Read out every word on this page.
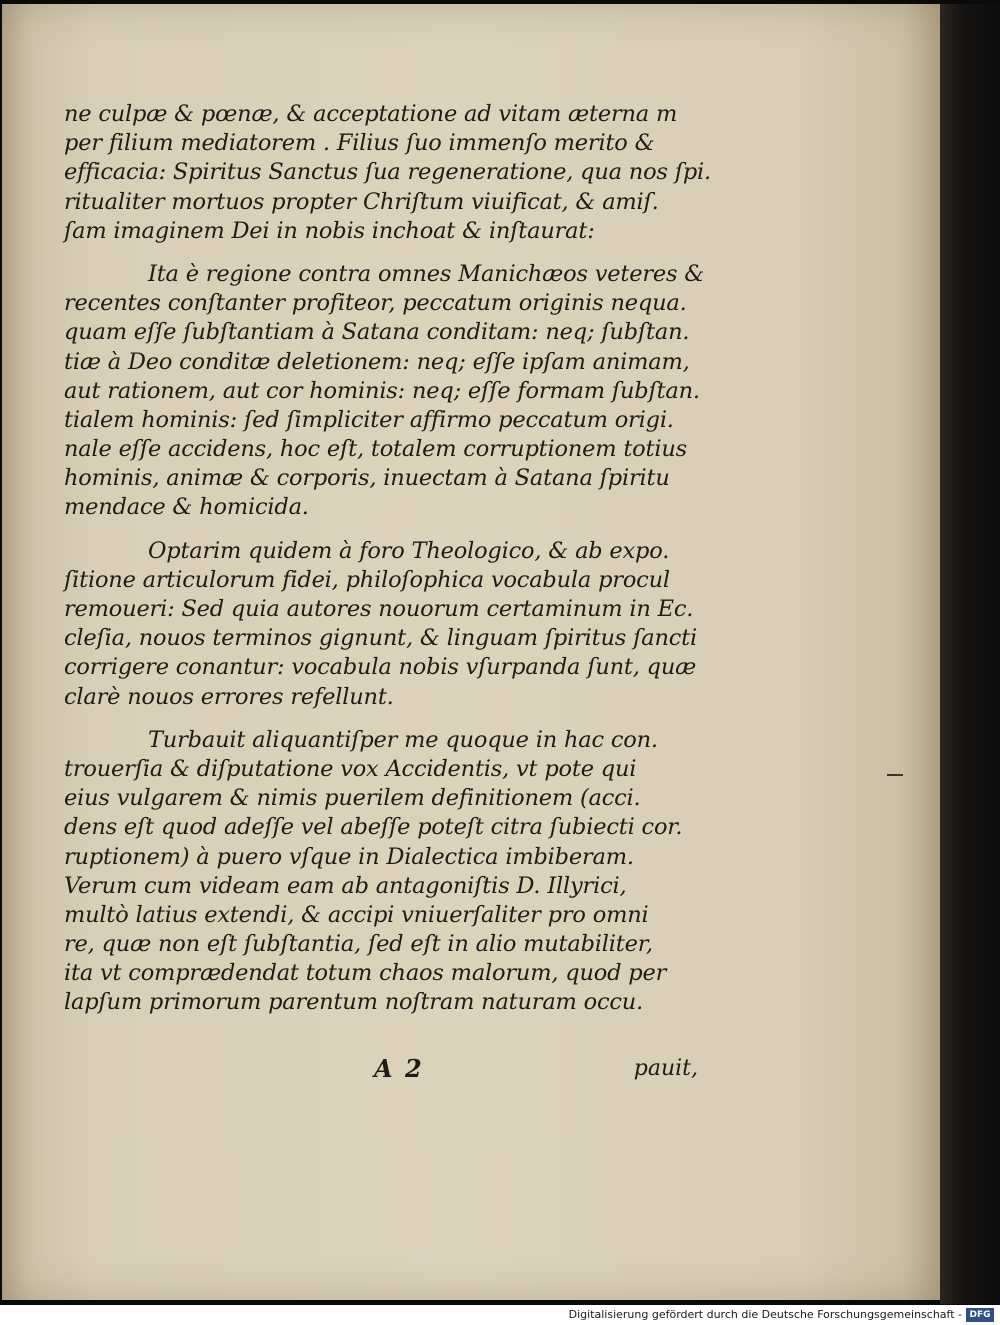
ne culpæ & pœnæ, & acceptatione ad vitam æterna m
per filium mediatorem . Filius ſuo immenſo merito &
efficacia: Spiritus Sanctus ſua regeneratione, qua nos ſpi.
ritualiter mortuos propter Chriſtum viuificat, & amiſ.
ſam imaginem Dei in nobis inchoat & inſtaurat:
Ita è regione contra omnes Manichæos veteres &
recentes conſtanter profiteor, peccatum originis nequa.
quam eſſe ſubſtantiam à Satana conditam: neq; ſubſtan.
tiæ à Deo conditæ deletionem: neq; eſſe ipſam animam,
aut rationem, aut cor hominis: neq; eſſe formam ſubſtan.
tialem hominis: ſed ſimpliciter affirmo peccatum origi.
nale eſſe accidens, hoc eſt, totalem corruptionem totius
hominis, animæ & corporis, inuectam à Satana ſpiritu
mendace & homicida.
Optarim quidem à foro Theologico, & ab expo.
ſitione articulorum fidei, philoſophica vocabula procul
remoueri: Sed quia autores nouorum certaminum in Ec.
cleſia, nouos terminos gignunt, & linguam ſpiritus ſancti
corrigere conantur: vocabula nobis vſurpanda ſunt, quæ
clarè nouos errores refellunt.
Turbauit aliquantiſper me quoque in hac con.
trouerſia & diſputatione vox Accidentis, vt pote qui
eius vulgarem & nimis puerilem definitionem (acci.
dens eſt quod adeſſe vel abeſſe poteſt citra ſubiecti cor.
ruptionem) à puero vſque in Dialectica imbiberam.
Verum cum videam eam ab antagoniſtis D. Illyrici,
multò latius extendi, & accipi vniuerſaliter pro omni
re, quæ non eſt ſubſtantia, ſed eſt in alio mutabiliter,
ita vt comprædendat totum chaos malorum, quod per
lapſum primorum parentum noſtram naturam occu.
A 2	pauit,
Digitalisierung gefördert durch die Deutsche Forschungsgemeinschaft - DFG
